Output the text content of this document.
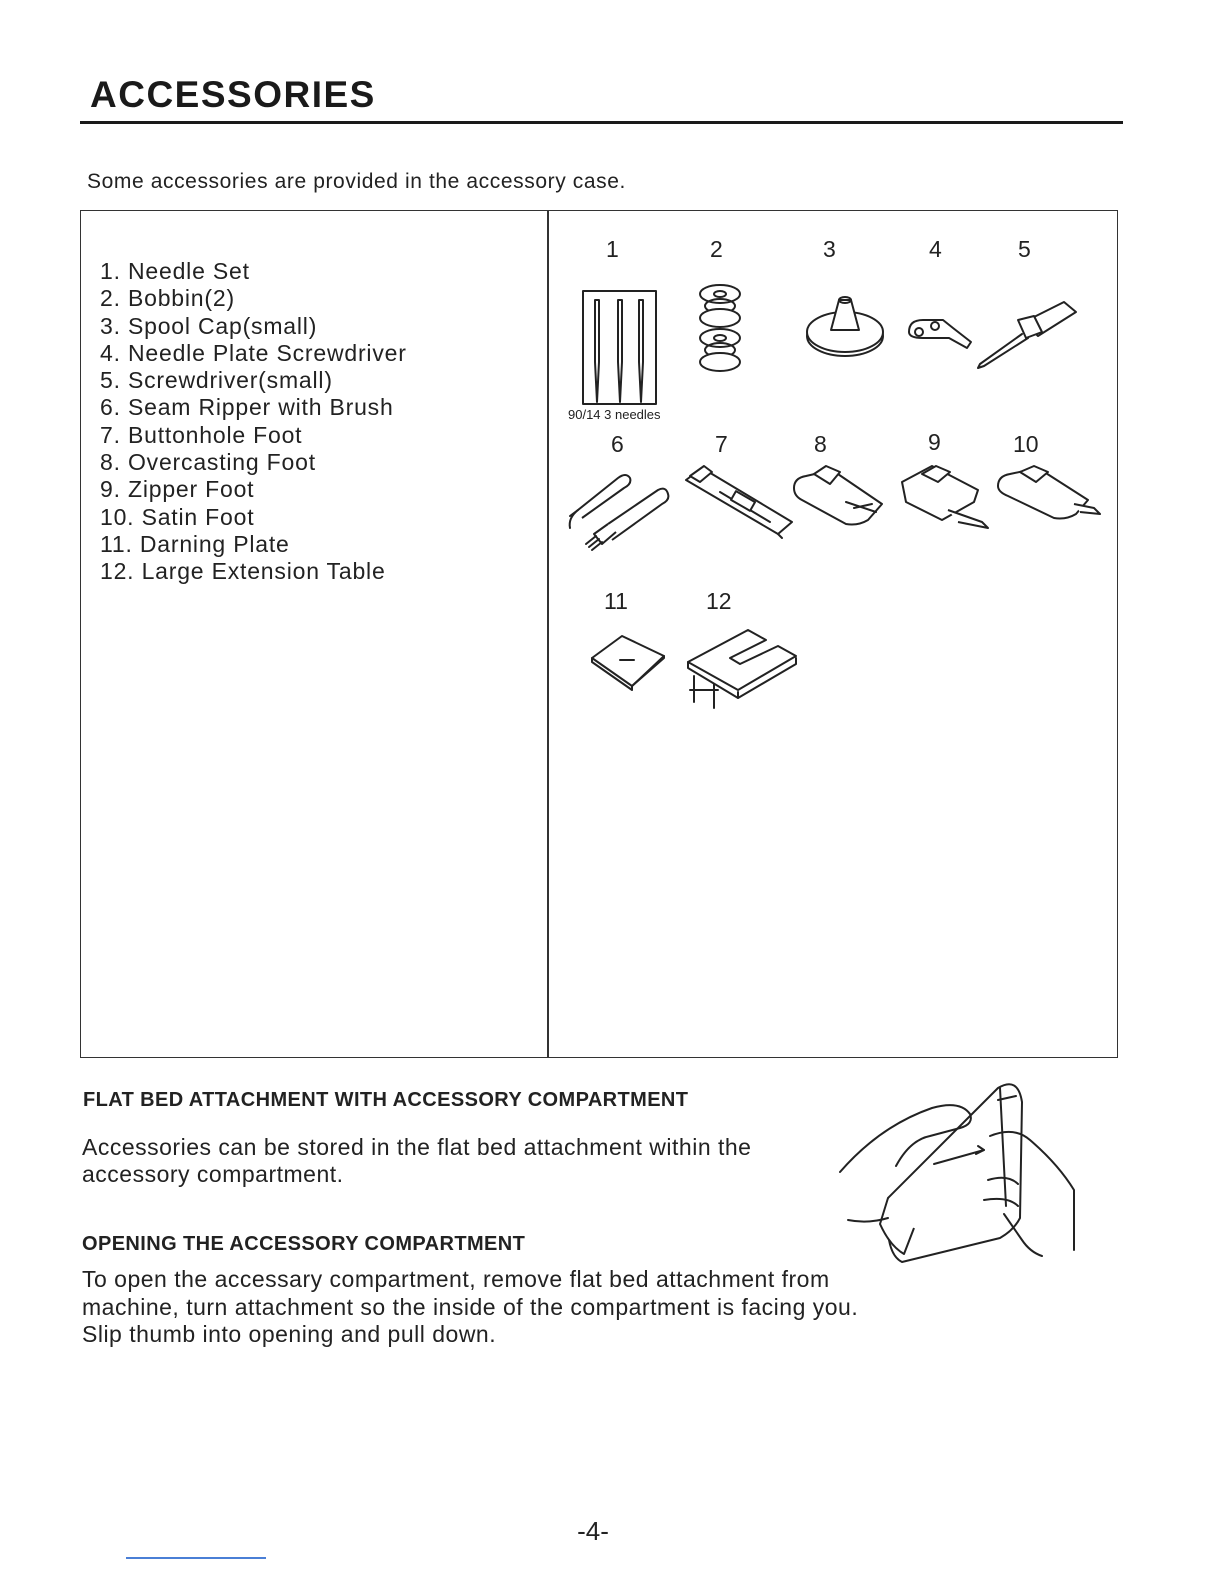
ACCESSORIES
Some accessories are provided in the accessory case.
1. Needle Set
2. Bobbin(2)
3. Spool Cap(small)
4. Needle Plate Screwdriver
5. Screwdriver(small)
6. Seam Ripper with Brush
7. Buttonhole Foot
8. Overcasting Foot
9. Zipper Foot
10. Satin Foot
11. Darning Plate
12. Large Extension Table
1	2	3	4	5
6	7	8	9	10
11	12
90/14 3 needles
FLAT BED ATTACHMENT WITH ACCESSORY COMPARTMENT
Accessories can be stored in the flat bed attachment within the accessory compartment.
OPENING THE ACCESSORY COMPARTMENT
To open the accessary compartment, remove flat bed attachment from machine, turn attachment so the inside of the compartment is facing you. Slip thumb into opening and pull down.
-4-
